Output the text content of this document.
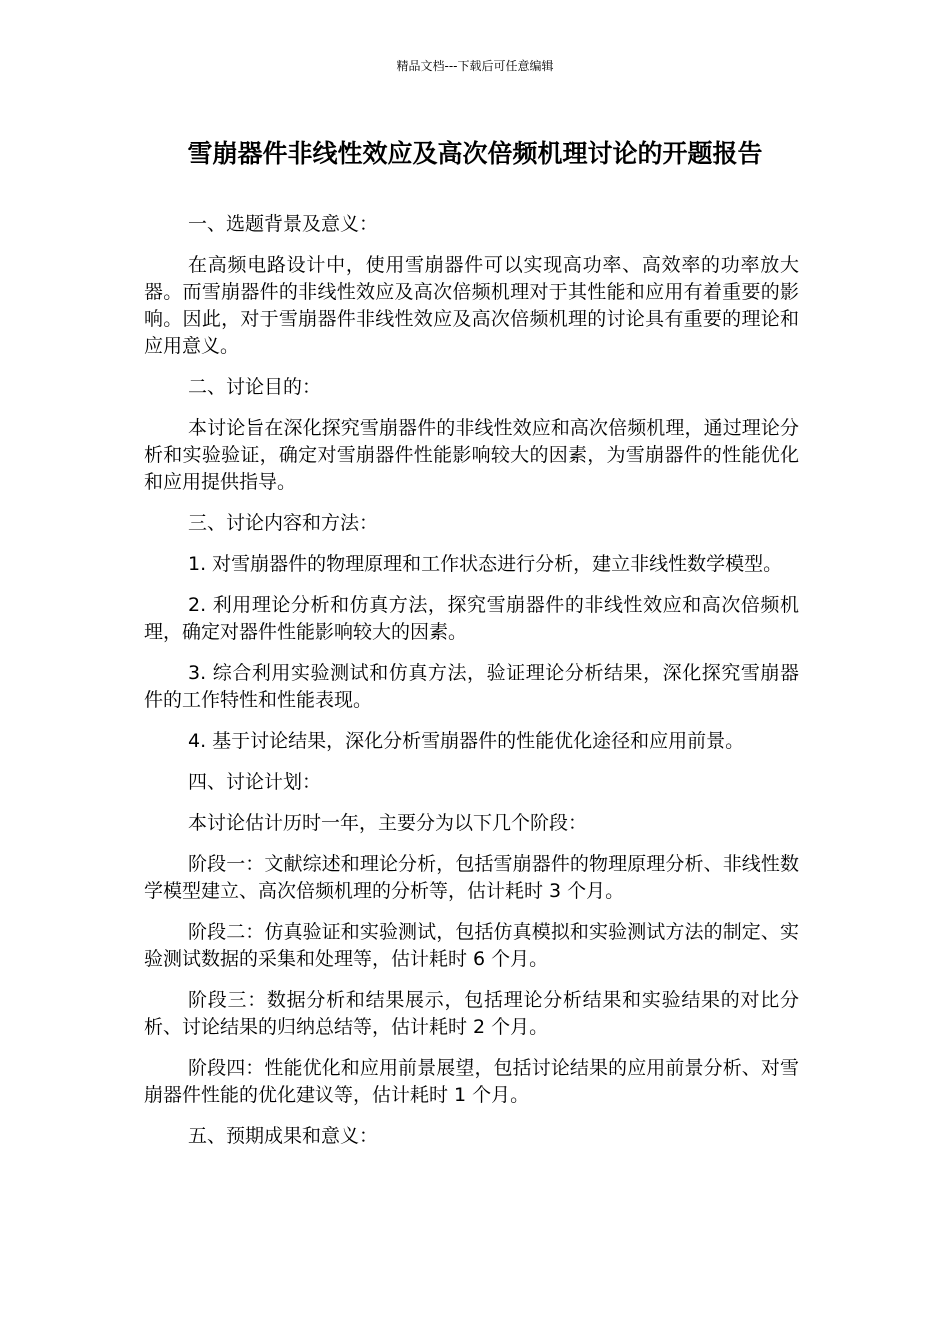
精品文档---下载后可任意编辑
雪崩器件非线性效应及高次倍频机理讨论的开题报告

一、选题背景及意义：

在高频电路设计中，使用雪崩器件可以实现高功率、高效率的功率放大器。而雪崩器件的非线性效应及高次倍频机理对于其性能和应用有着重要的影响。因此，对于雪崩器件非线性效应及高次倍频机理的讨论具有重要的理论和应用意义。

二、讨论目的：

本讨论旨在深化探究雪崩器件的非线性效应和高次倍频机理，通过理论分析和实验验证，确定对雪崩器件性能影响较大的因素，为雪崩器件的性能优化和应用提供指导。

三、讨论内容和方法：

1. 对雪崩器件的物理原理和工作状态进行分析，建立非线性数学模型。

2. 利用理论分析和仿真方法，探究雪崩器件的非线性效应和高次倍频机理，确定对器件性能影响较大的因素。

3. 综合利用实验测试和仿真方法，验证理论分析结果，深化探究雪崩器件的工作特性和性能表现。

4. 基于讨论结果，深化分析雪崩器件的性能优化途径和应用前景。

四、讨论计划：

本讨论估计历时一年，主要分为以下几个阶段：

阶段一：文献综述和理论分析，包括雪崩器件的物理原理分析、非线性数学模型建立、高次倍频机理的分析等，估计耗时 3 个月。

阶段二：仿真验证和实验测试，包括仿真模拟和实验测试方法的制定、实验测试数据的采集和处理等，估计耗时 6 个月。

阶段三：数据分析和结果展示，包括理论分析结果和实验结果的对比分析、讨论结果的归纳总结等，估计耗时 2 个月。

阶段四：性能优化和应用前景展望，包括讨论结果的应用前景分析、对雪崩器件性能的优化建议等，估计耗时 1 个月。

五、预期成果和意义：
